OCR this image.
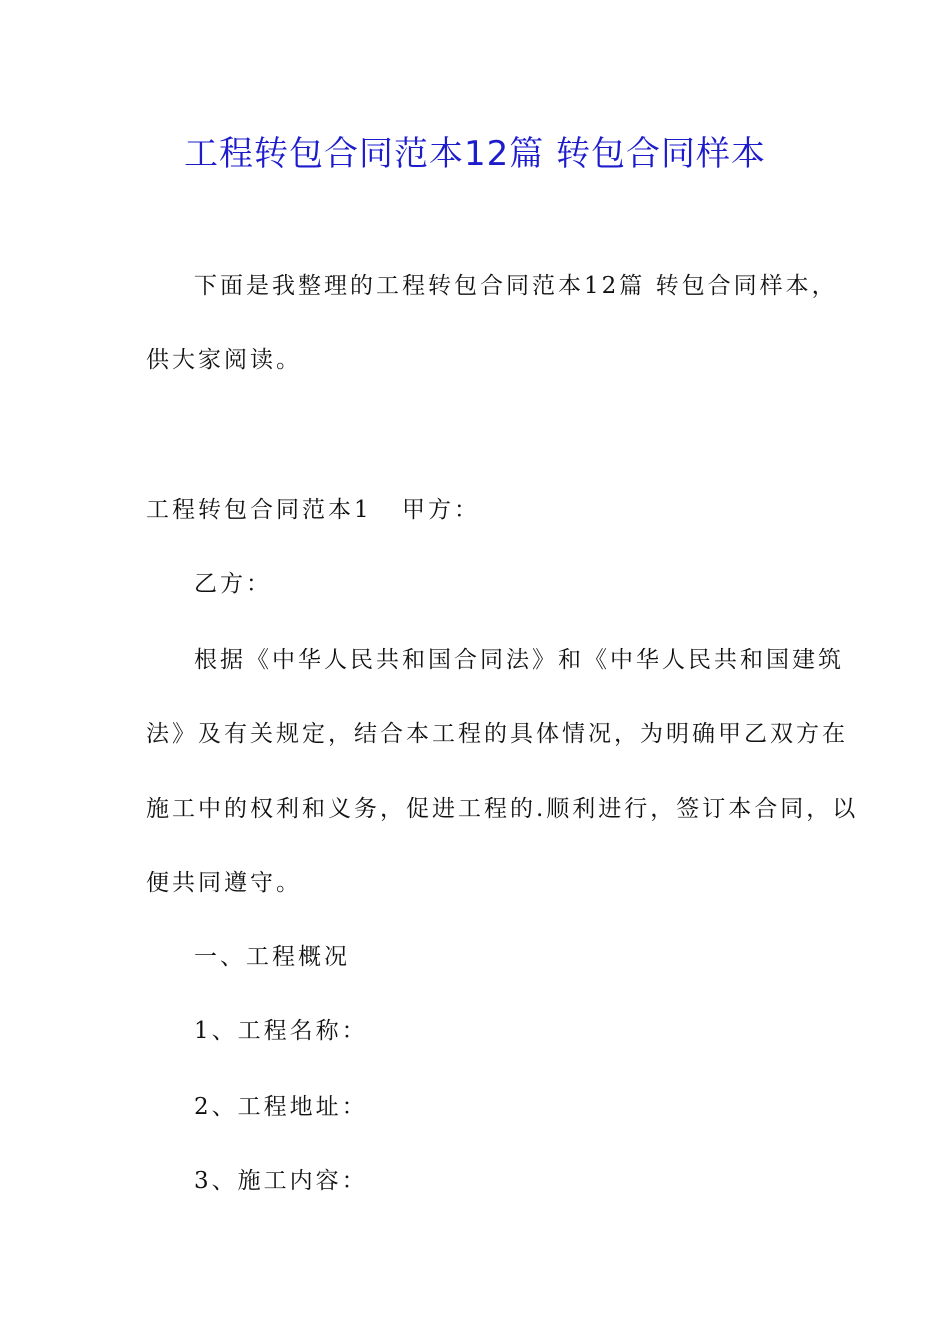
工程转包合同范本12篇 转包合同样本
下面是我整理的工程转包合同范本12篇 转包合同样本，
供大家阅读。
工程转包合同范本1 甲方：
乙方：
根据《中华人民共和国合同法》和《中华人民共和国建筑
法》及有关规定，结合本工程的具体情况，为明确甲乙双方在
施工中的权利和义务，促进工程的.顺利进行，签订本合同，以
便共同遵守。
一、工程概况
1、工程名称：
2、工程地址：
3、施工内容：
